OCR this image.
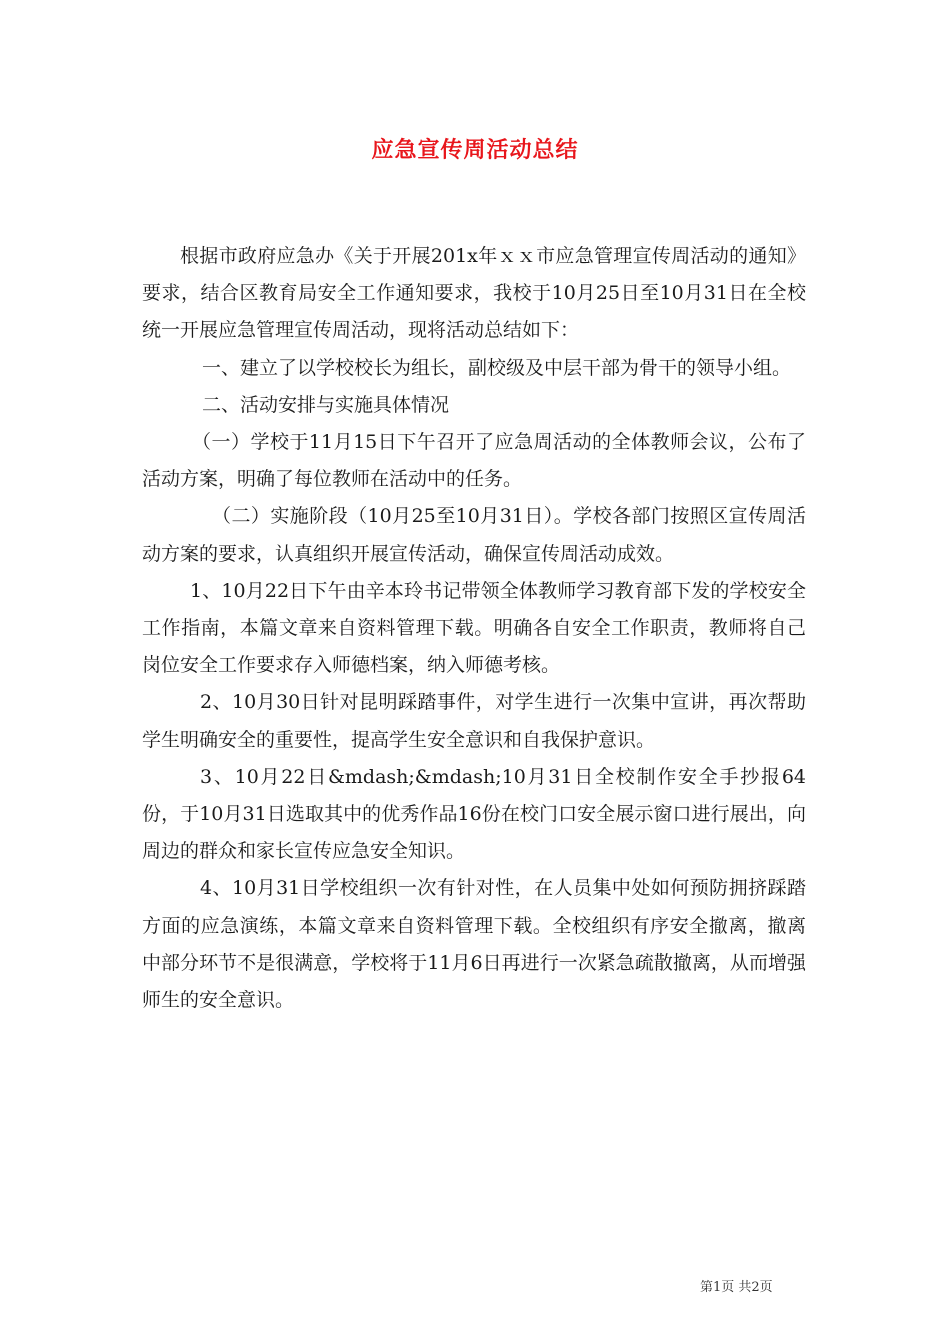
应急宣传周活动总结

根据市政府应急办《关于开展201x年ｘｘ市应急管理宣传周活动的通知》要求，结合区教育局安全工作通知要求，我校于10月25日至10月31日在全校统一开展应急管理宣传周活动，现将活动总结如下：

一、建立了以学校校长为组长，副校级及中层干部为骨干的领导小组。

二、活动安排与实施具体情况

（一）学校于11月15日下午召开了应急周活动的全体教师会议，公布了活动方案，明确了每位教师在活动中的任务。

（二）实施阶段（10月25至10月31日）。学校各部门按照区宣传周活动方案的要求，认真组织开展宣传活动，确保宣传周活动成效。

1、10月22日下午由辛本玲书记带领全体教师学习教育部下发的学校安全工作指南，本篇文章来自资料管理下载。明确各自安全工作职责，教师将自己岗位安全工作要求存入师德档案，纳入师德考核。

2、10月30日针对昆明踩踏事件，对学生进行一次集中宣讲，再次帮助学生明确安全的重要性，提高学生安全意识和自我保护意识。

3、10月22日&mdash;&mdash;10月31日全校制作安全手抄报64份，于10月31日选取其中的优秀作品16份在校门口安全展示窗口进行展出，向周边的群众和家长宣传应急安全知识。

4、10月31日学校组织一次有针对性，在人员集中处如何预防拥挤踩踏方面的应急演练，本篇文章来自资料管理下载。全校组织有序安全撤离，撤离中部分环节不是很满意，学校将于11月6日再进行一次紧急疏散撤离，从而增强师生的安全意识。

第1页 共2页
